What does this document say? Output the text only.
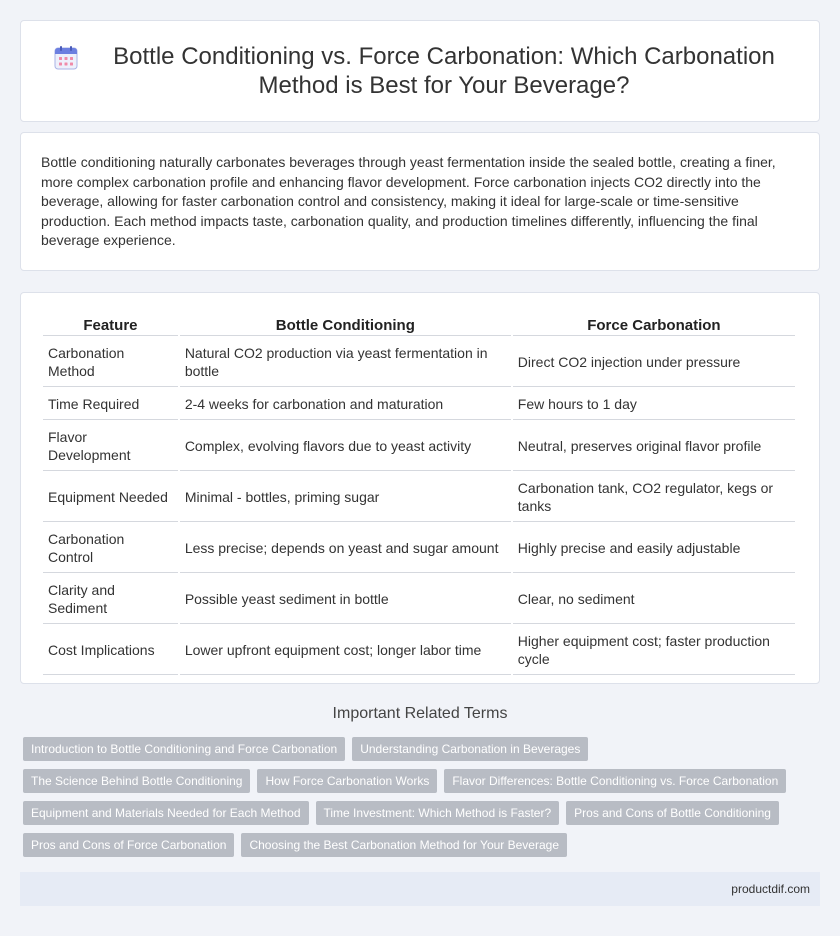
Bottle Conditioning vs. Force Carbonation: Which Carbonation Method is Best for Your Beverage?

Bottle conditioning naturally carbonates beverages through yeast fermentation inside the sealed bottle, creating a finer, more complex carbonation profile and enhancing flavor development. Force carbonation injects CO2 directly into the beverage, allowing for faster carbonation control and consistency, making it ideal for large-scale or time-sensitive production. Each method impacts taste, carbonation quality, and production timelines differently, influencing the final beverage experience.

Feature	Bottle Conditioning	Force Carbonation
Carbonation Method	Natural CO2 production via yeast fermentation in bottle	Direct CO2 injection under pressure
Time Required	2-4 weeks for carbonation and maturation	Few hours to 1 day
Flavor Development	Complex, evolving flavors due to yeast activity	Neutral, preserves original flavor profile
Equipment Needed	Minimal - bottles, priming sugar	Carbonation tank, CO2 regulator, kegs or tanks
Carbonation Control	Less precise; depends on yeast and sugar amount	Highly precise and easily adjustable
Clarity and Sediment	Possible yeast sediment in bottle	Clear, no sediment
Cost Implications	Lower upfront equipment cost; longer labor time	Higher equipment cost; faster production cycle
Important Related Terms
Introduction to Bottle Conditioning and Force Carbonation	Understanding Carbonation in Beverages
The Science Behind Bottle Conditioning	How Force Carbonation Works	Flavor Differences: Bottle Conditioning vs. Force Carbonation
Equipment and Materials Needed for Each Method	Time Investment: Which Method is Faster?	Pros and Cons of Bottle Conditioning
Pros and Cons of Force Carbonation	Choosing the Best Carbonation Method for Your Beverage
productdif.com
